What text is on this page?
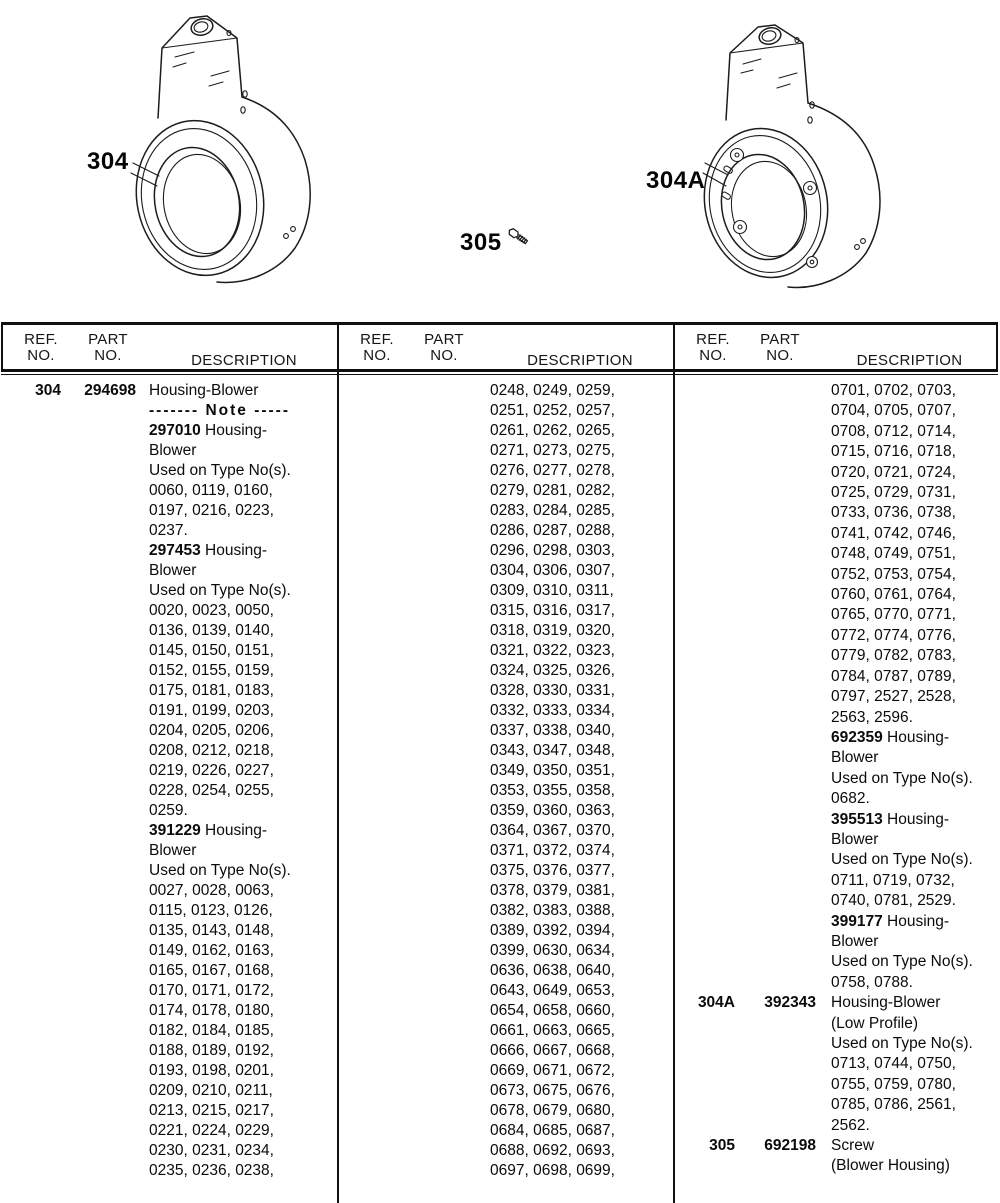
304
305
304A
REF.
NO.
PART
NO.	DESCRIPTION
304	294698 Housing-Blower
------- Note -----
297010 Housing-
Blower
Used on Type No(s).
0060, 0119, 0160,
0197, 0216, 0223,
0237.
297453 Housing-
Blower
Used on Type No(s).
0020, 0023, 0050,
0136, 0139, 0140,
0145, 0150, 0151,
0152, 0155, 0159,
0175, 0181, 0183,
0191, 0199, 0203,
0204, 0205, 0206,
0208, 0212, 0218,
0219, 0226, 0227,
0228, 0254, 0255,
0259.
391229 Housing-
Blower
Used on Type No(s).
0027, 0028, 0063,
0115, 0123, 0126,
0135, 0143, 0148,
0149, 0162, 0163,
0165, 0167, 0168,
0170, 0171, 0172,
0174, 0178, 0180,
0182, 0184, 0185,
0188, 0189, 0192,
0193, 0198, 0201,
0209, 0210, 0211,
0213, 0215, 0217,
0221, 0224, 0229,
0230, 0231, 0234,
0235, 0236, 0238,
REF.
NO.
PART
NO.	DESCRIPTION
0248, 0249, 0259,
0251, 0252, 0257,
0261, 0262, 0265,
0271, 0273, 0275,
0276, 0277, 0278,
0279, 0281, 0282,
0283, 0284, 0285,
0286, 0287, 0288,
0296, 0298, 0303,
0304, 0306, 0307,
0309, 0310, 0311,
0315, 0316, 0317,
0318, 0319, 0320,
0321, 0322, 0323,
0324, 0325, 0326,
0328, 0330, 0331,
0332, 0333, 0334,
0337, 0338, 0340,
0343, 0347, 0348,
0349, 0350, 0351,
0353, 0355, 0358,
0359, 0360, 0363,
0364, 0367, 0370,
0371, 0372, 0374,
0375, 0376, 0377,
0378, 0379, 0381,
0382, 0383, 0388,
0389, 0392, 0394,
0399, 0630, 0634,
0636, 0638, 0640,
0643, 0649, 0653,
0654, 0658, 0660,
0661, 0663, 0665,
0666, 0667, 0668,
0669, 0671, 0672,
0673, 0675, 0676,
0678, 0679, 0680,
0684, 0685, 0687,
0688, 0692, 0693,
0697, 0698, 0699,
REF.
NO.
PART
NO.	DESCRIPTION
0701, 0702, 0703,
0704, 0705, 0707,
0708, 0712, 0714,
0715, 0716, 0718,
0720, 0721, 0724,
0725, 0729, 0731,
0733, 0736, 0738,
0741, 0742, 0746,
0748, 0749, 0751,
0752, 0753, 0754,
0760, 0761, 0764,
0765, 0770, 0771,
0772, 0774, 0776,
0779, 0782, 0783,
0784, 0787, 0789,
0797, 2527, 2528,
2563, 2596.
692359 Housing-
Blower
Used on Type No(s).
0682.
395513 Housing-
Blower
Used on Type No(s).
0711, 0719, 0732,
0740, 0781, 2529.
399177 Housing-
Blower
Used on Type No(s).
0758, 0788.
304A	392343 Housing-Blower
(Low Profile)
Used on Type No(s).
0713, 0744, 0750,
0755, 0759, 0780,
0785, 0786, 2561,
2562.
305	692198 Screw
(Blower Housing)
